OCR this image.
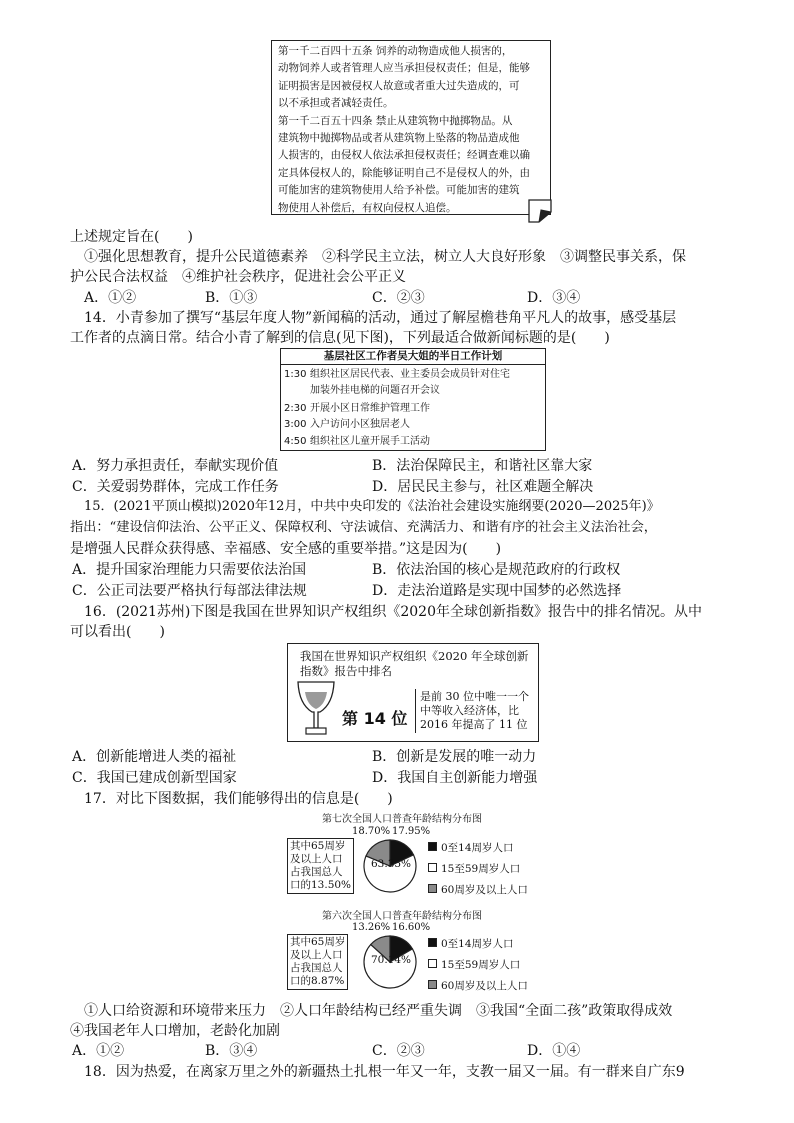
第一千二百四十五条 饲养的动物造成他人损害的，

动物饲养人或者管理人应当承担侵权责任；但是，能够

证明损害是因被侵权人故意或者重大过失造成的，可

以不承担或者减轻责任。

第一千二百五十四条 禁止从建筑物中抛掷物品。从

建筑物中抛掷物品或者从建筑物上坠落的物品造成他

人损害的，由侵权人依法承担侵权责任；经调查难以确

定具体侵权人的，除能够证明自己不是侵权人的外，由

可能加害的建筑物使用人给予补偿。可能加害的建筑

物使用人补偿后，有权向侵权人追偿。

上述规定旨在(　　)
①强化思想教育，提升公民道德素养　②科学民主立法，树立人大良好形象　③调整民事关系，保
护公民合法权益　④维护社会秩序，促进社会公平正义
A．①②	B．①③	C．②③	D．③④
14．小青参加了撰写“基层年度人物”新闻稿的活动，通过了解屋檐巷角平凡人的故事，感受基层
工作者的点滴日常。结合小青了解到的信息(见下图)，下列最适合做新闻标题的是(　　)
基层社区工作者吴大姐的半日工作计划
1:30 组织社区居民代表、业主委员会成员针对住宅
加装外挂电梯的问题召开会议
2:30 开展小区日常维护管理工作
3:00 入户访问小区独居老人
4:50 组织社区儿童开展手工活动
A．努力承担责任，奉献实现价值	B．法治保障民主，和谐社区靠大家
C．关爱弱势群体，完成工作任务	D．居民民主参与，社区难题全解决
15．(2021平顶山模拟)2020年12月，中共中央印发的《法治社会建设实施纲要(2020—2025年)》
指出：“建设信仰法治、公平正义、保障权利、守法诚信、充满活力、和谐有序的社会主义法治社会，
是增强人民群众获得感、幸福感、安全感的重要举措。”这是因为(　　)
A．提升国家治理能力只需要依法治国	B．依法治国的核心是规范政府的行政权
C．公正司法要严格执行每部法律法规	D．走法治道路是实现中国梦的必然选择
16．(2021苏州)下图是我国在世界知识产权组织《2020年全球创新指数》报告中的排名情况。从中
可以看出(　　)
我国在世界知识产权组织《2020 年全球创新
指数》报告中排名
第 14 位
是前 30 位中唯一一个
中等收入经济体，比
2016 年提高了 11 位
A．创新能增进人类的福祉	B．创新是发展的唯一动力
C．我国已建成创新型国家	D．我国自主创新能力增强
17．对比下图数据，我们能够得出的信息是(　　)
第七次全国人口普查年龄结构分布图
18.70% 17.95%
63.35%
其中65周岁
及以上人口
占我国总人
口的13.50%
0至14周岁人口
15至59周岁人口
60周岁及以上人口
第六次全国人口普查年龄结构分布图
13.26% 16.60%
70.14%
其中65周岁
及以上人口
占我国总人
口的8.87%
0至14周岁人口
15至59周岁人口
60周岁及以上人口
①人口给资源和环境带来压力　②人口年龄结构已经严重失调　③我国“全面二孩”政策取得成效
④我国老年人口增加，老龄化加剧
A．①②	B．③④	C．②③	D．①④
18．因为热爱，在离家万里之外的新疆热土扎根一年又一年，支教一届又一届。有一群来自广东9
